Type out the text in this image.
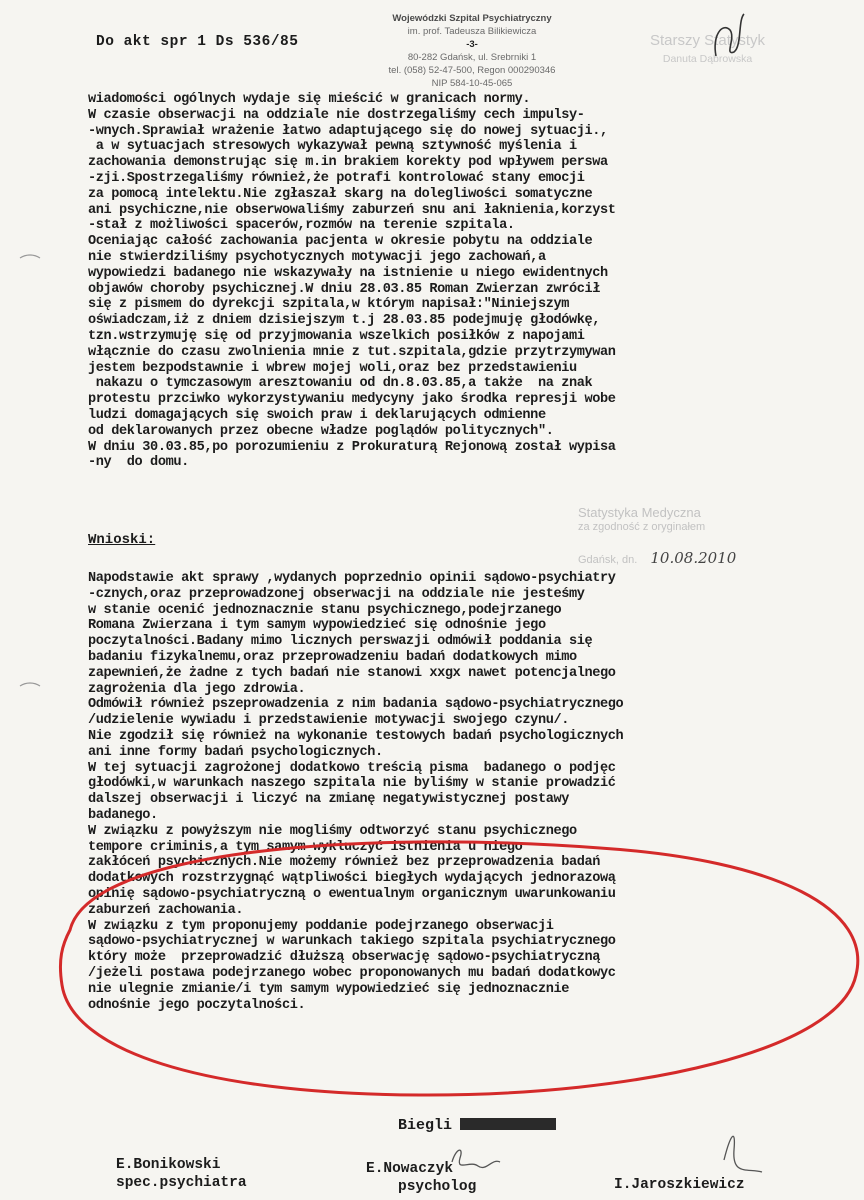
Do akt spr 1 Ds 536/85
Wojewódzki Szpital Psychiatryczny
im. prof. Tadeusza Bilikiewicza
-3-
80-282 Gdańsk, ul. Srebrniki 1
tel. (058) 52-47-500, Regon 000290346
NIP 584-10-45-065
Starszy Statystyk
Danuta Dąbrowska
wiadomości ogólnych wydaje się mieścić w granicach normy.
W czasie obserwacji na oddziale nie dostrzegaliśmy cech impulsy-
-wnych.Sprawiał wrażenie łatwo adaptującego się do nowej sytuacji.,
a w sytuacjach stresowych wykazywał pewną sztywność myślenia i
zachowania demonstrując się m.in brakiem korekty pod wpływem perswa
-zji.Spostrzegaliśmy również,że potrafi kontrolować stany emocji
za pomocą intelektu.Nie zgłaszał skarg na dolegliwości somatyczne
ani psychiczne,nie obserwowaliśmy zaburzeń snu ani łaknienia,korzyst
-stał z możliwości spacerów,rozmów na terenie szpitala.
Oceniając całość zachowania pacjenta w okresie pobytu na oddziale
nie stwierdziliśmy psychotycznych motywacji jego zachowań,a
wypowiedzi badanego nie wskazywały na istnienie u niego ewidentnych
objawów choroby psychicznej.W dniu 28.03.85 Roman Zwierzan zwrócił
się z pismem do dyrekcji szpitala,w którym napisał:"Niniejszym
oświadczam,iż z dniem dzisiejszym t.j 28.03.85 podejmuję głodówkę,
tzn.wstrzymuję się od przyjmowania wszelkich posiłków z napojami
włącznie do czasu zwolnienia mnie z tut.szpitala,gdzie przytrzymywan
jestem bezpodstawnie i wbrew mojej woli,oraz bez przedstawieniu
nakazu o tymczasowym aresztowaniu od dn.8.03.85,a także  na znak
protestu przciwko wykorzystywaniu medycyny jako środka represji wobe
ludzi domagających się swoich praw i deklarujących odmienne
od deklarowanych przez obecne władze poglądów politycznych".
W dniu 30.03.85,po porozumieniu z Prokuraturą Rejonową został wypisa
-ny  do domu.
Statystyka Medyczna
za zgodność z oryginałem
Gdańsk, dn. 10.08.2010
Wnioski:
Napodstawie akt sprawy ,wydanych poprzednio opinii sądowo-psychiatry
-cznych,oraz przeprowadzonej obserwacji na oddziale nie jesteśmy
w stanie ocenić jednoznacznie stanu psychicznego,podejrzanego
Romana Zwierzana i tym samym wypowiedzieć się odnośnie jego
poczytalności.Badany mimo licznych perswazji odmówił poddania się
badaniu fizykalnemu,oraz przeprowadzeniu badań dodatkowych mimo
zapewnień,że żadne z tych badań nie stanowi xxgx nawet potencjalnego
zagrożenia dla jego zdrowia.
Odmówił również pszeprowadzenia z nim badania sądowo-psychiatrycznego
/udzielenie wywiadu i przedstawienie motywacji swojego czynu/.
Nie zgodził się również na wykonanie testowych badań psychologicznych
ani inne formy badań psychologicznych.
W tej sytuacji zagrożonej dodatkowo treścią pisma  badanego o podjęc
głodówki,w warunkach naszego szpitala nie byliśmy w stanie prowadzić
dalszej obserwacji i liczyć na zmianę negatywistycznej postawy
badanego.
W związku z powyższym nie mogliśmy odtworzyć stanu psychicznego
tempore criminis,a tym samym wykluczyć istnienia u niego
zakłóceń psychicznych.Nie możemy również bez przeprowadzenia badań
dodatkowych rozstrzygnąć wątpliwości biegłych wydających jednorazową
opinię sądowo-psychiatryczną o ewentualnym organicznym uwarunkowaniu
zaburzeń zachowania.
W związku z tym proponujemy poddanie podejrzanego obserwacji
sądowo-psychiatrycznej w warunkach takiego szpitala psychiatrycznego
który może  przeprowadzić dłuższą obserwację sądowo-psychiatryczną
/jeżeli postawa podejrzanego wobec proponowanych mu badań dodatkowyc
nie ulegnie zmianie/i tym samym wypowiedzieć się jednoznacznie
odnośnie jego poczytalności.

Biegli
E.Bonikowski
spec.psychiatra
E.Nowaczyk
psycholog	I.Jaroszkiewicz
